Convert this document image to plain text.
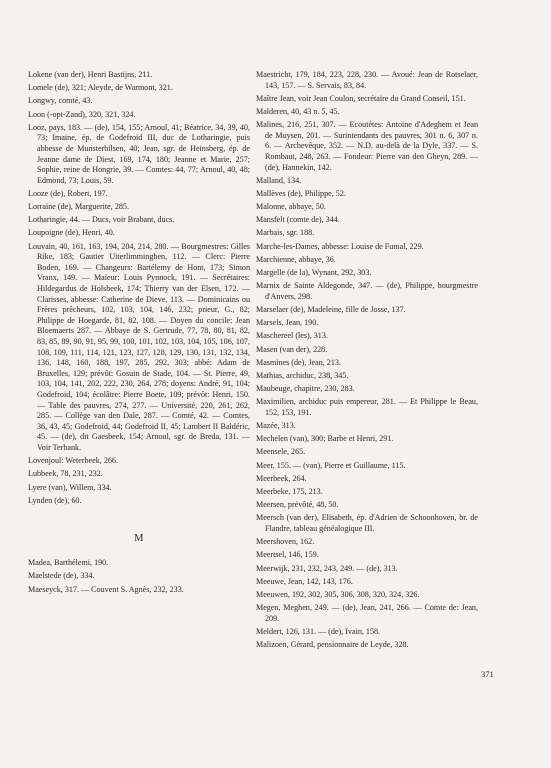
Lokene (van der), Henri Bastijns, 211.

Lomele (de), 321; Aleyde, de Warmont, 321.

Longwy, comté, 43.

Loon (-opt-Zand), 320, 321, 324.

Looz, pays, 183. — (de), 154, 155; Arnoul, 41; Béatrice, 34, 39, 40, 73; Imaine, ép. de Godefroid III, duc de Lotharingie, puis abbesse de Munsterbilsen, 40; Jean, sgr. de Heinsberg, ép. de Jeanne dame de Diest, 169, 174, 180; Jeanne et Marie, 257; Sophie, reine de Hongrie, 39. — Comtes: 44, 77; Arnoul, 40, 48; Edmond, 73; Louis, 59.

Looze (de), Robert, 197.

Lorraine (de), Marguerite, 285.

Lotharingie, 44. — Ducs, voir Brabant, ducs.

Loupoigne (de), Henri, 40.

Louvain, 40, 161, 163, 194, 204, 214, 280. — Bourgmestres: Gilles Rike, 183; Gautier Uiterlimminghen, 112. — Clerc: Pierre Boden, 169. — Changeurs: Bartélemy de Hont, 173; Simon Vranx, 149. — Maïeur: Louis Pynnock, 191. — Secrétaires: Hildegardus de Holsbeek, 174; Thierry van der Elsen, 172. — Clarisses, abbesse: Catherine de Dieve, 113. — Dominicains ou Frères prêcheurs, 102, 103, 104, 146, 232; prieur, G., 82; Philippe de Hoegarde, 81, 82, 108. — Doyen du concile: Jean Bloemaerts 287. — Abbaye de S. Gertrude, 77, 78, 80, 81, 82, 83, 85, 89, 90, 91, 95, 99, 100, 101, 102, 103, 104, 105, 106, 107, 108, 109, 111, 114, 121, 123, 127, 128, 129, 130, 131, 132, 134, 136, 148, 160, 188, 197, 285, 292, 303; abbé: Adam de Bruxelles, 129; prévôt: Gosuin de Stade, 104. — St. Pierre, 49, 103, 104, 141, 202, 222, 230, 264, 278; doyens: André, 91, 104; Godefroid, 104; écolâtre: Pierre Boete, 109; prévôt: Henri, 150. — Table des pauvres, 274, 277. — Université, 220, 261, 262, 285. — Collège van den Dale, 287. — Comté, 42. — Comtes, 36, 43, 45; Godefroid, 44; Godefroid II, 45; Lambert II Baldéric, 45. — (de), dit Gaesbeek, 154; Arnoul, sgr. de Breda, 131. — Voir Terbank.

Lovenjoul: Weterbeek, 266.

Lubbeek, 78, 231, 232.

Lyere (van), Willem, 334.

Lynden (de), 60.

M

Madea, Barthélemi, 190.

Maelstede (de), 334.

Maeseyck, 317. — Couvent S. Agnès, 232, 233.

Maestricht, 179, 184, 223, 228, 230. — Avoué: Jean de Rotselaer, 143, 157. — S. Servais, 83, 84.

Maître Jean, voir Jean Coulon, secrétaire du Grand Conseil, 151.

Malderen, 40, 43 n. 5, 45.

Malines, 216, 251, 307. — Ecoutètes: Antoine d'Adeghem et Jean de Muysen, 201. — Surintendants des pauvres, 301 n. 6, 307 n. 6. — Archevêque, 352. — N.D. au-delà de la Dyle, 337. — S. Rombaut, 248, 263. — Fondeur: Pierre van den Gheyn, 289. — (de), Hannekin, 142.

Malland, 134.

Mallèves (de), Philippe, 52.

Malonne, abbaye, 50.

Mansfelt (comte de), 344.

Marbais, sgr. 188.

Marche-les-Dames, abbesse: Louise de Fumal, 229.

Marchienne, abbaye, 36.

Margelle (de la), Wynant, 292, 303.

Marnix de Sainte Aldegonde, 347. — (de), Philippe, bourgmestre d'Anvers, 298.

Marselaer (de), Madeleine, fille de Josse, 137.

Marsels, Jean, 190.

Maschereel (les), 313.

Masen (van der), 228.

Masmines (de), Jean, 213.

Mathias, archiduc, 238, 345.

Maubeuge, chapitre, 230, 283.

Maximilien, archiduc puis empereur, 281. — Et Philippe le Beau, 152, 153, 191.

Mazée, 313.

Mechelen (van), 300; Barbe et Henri, 291.

Meensele, 265.

Meer, 155. — (van), Pierre et Guillaume, 115.

Meerbeek, 264.

Meerbeke, 175, 213.

Meersen, prévôté, 48, 50.

Meersch (van der), Elisabeth, ép. d'Adrien de Schoonhoven, br. de Flandre, tableau généalogique III.

Meershoven, 162.

Meertsel, 146, 159.

Meerwijk, 231, 232, 243, 249. — (de), 313.

Meeuwe, Jean, 142, 143, 176.

Meeuwen, 192, 302, 305, 306, 308, 320, 324, 326.

Megen, Meghen, 249. — (de), Jean, 241, 266. — Comte de: Jean, 209.

Meldert, 126, 131. — (de), Ivain, 158.

Malizoen, Gérard, pensionnaire de Leyde, 328.

371
